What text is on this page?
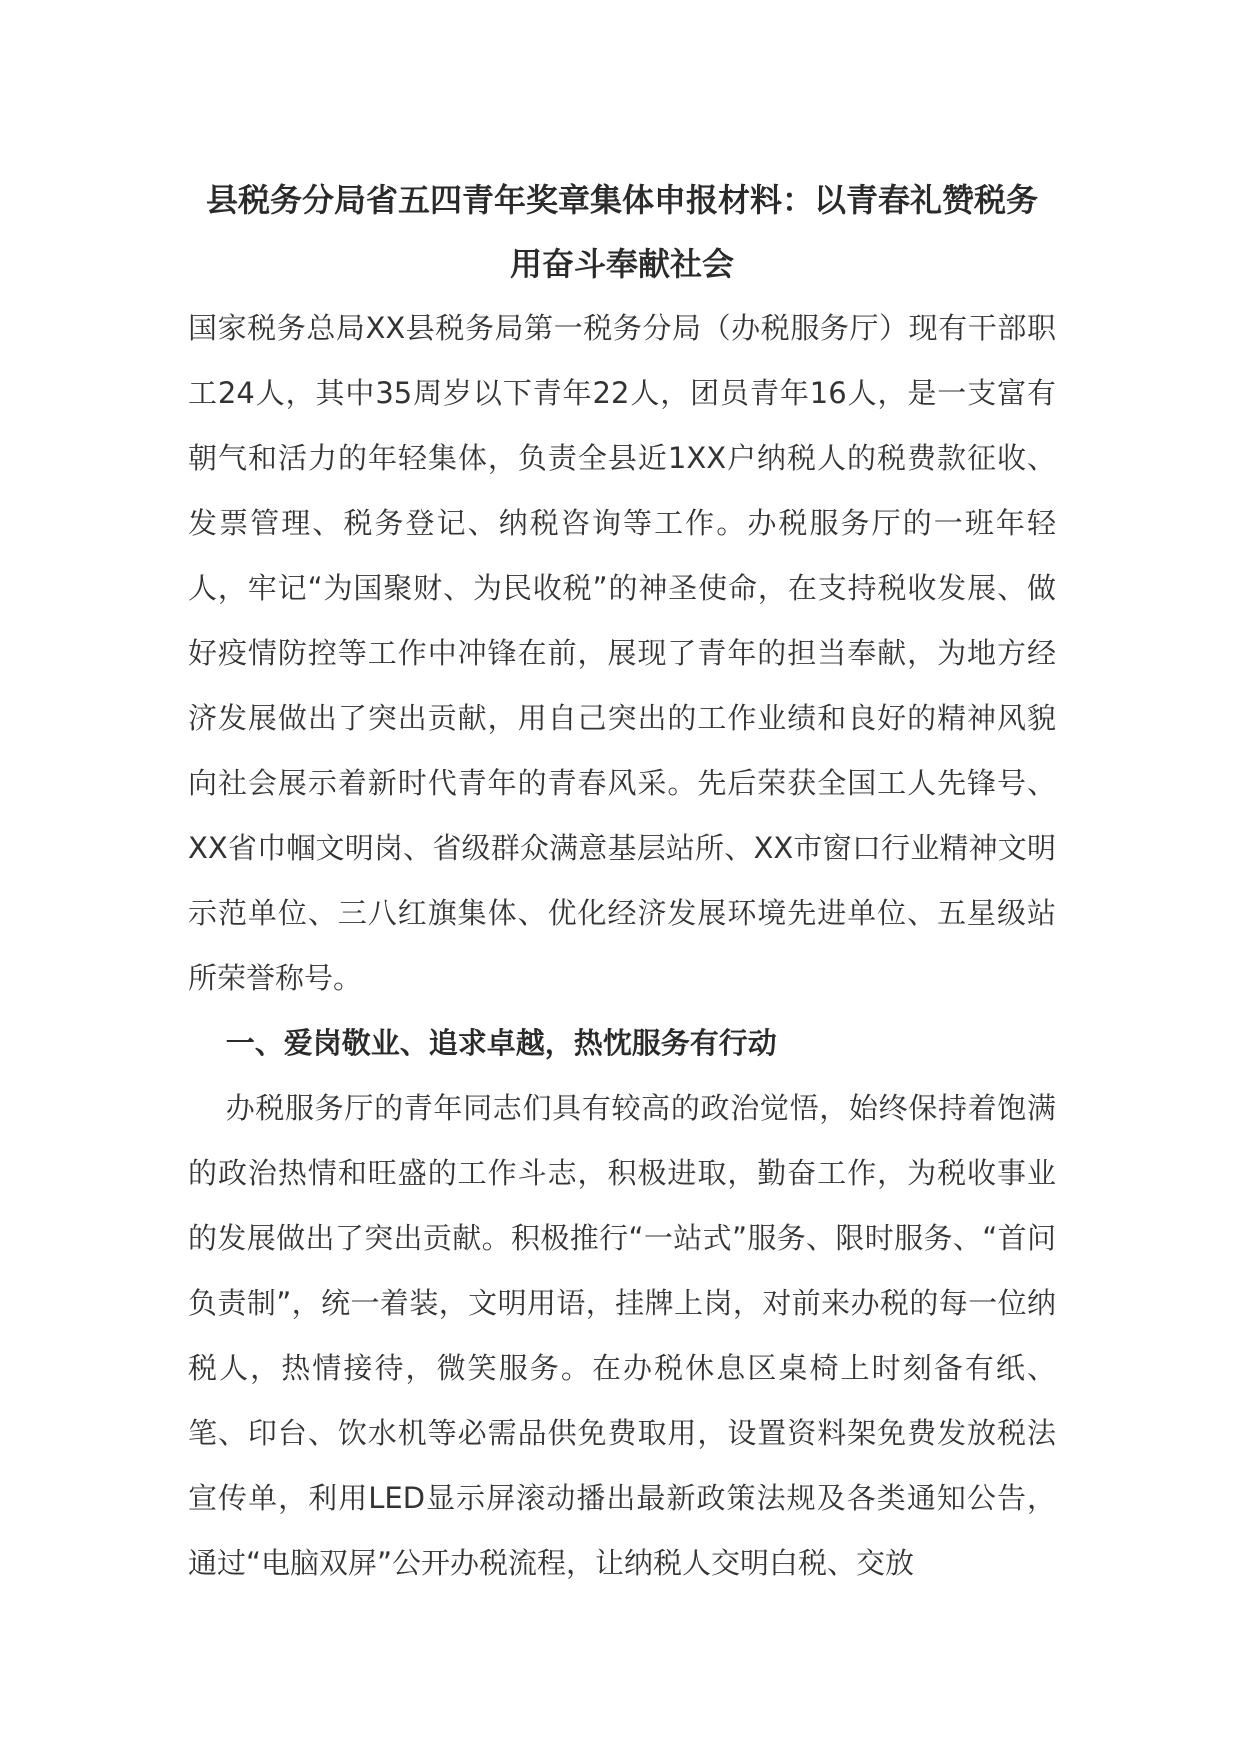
县税务分局省五四青年奖章集体申报材料：以青春礼赞税务 用奋斗奉献社会

国家税务总局XX县税务局第一税务分局（办税服务厅）现有干部职工24人，其中35周岁以下青年22人，团员青年16人，是一支富有朝气和活力的年轻集体，负责全县近1XX户纳税人的税费款征收、发票管理、税务登记、纳税咨询等工作。办税服务厅的一班年轻人，牢记“为国聚财、为民收税”的神圣使命，在支持税收发展、做好疫情防控等工作中冲锋在前，展现了青年的担当奉献，为地方经济发展做出了突出贡献，用自己突出的工作业绩和良好的精神风貌向社会展示着新时代青年的青春风采。先后荣获全国工人先锋号、XX省巾帼文明岗、省级群众满意基层站所、XX市窗口行业精神文明示范单位、三八红旗集体、优化经济发展环境先进单位、五星级站所荣誉称号。

一、爱岗敬业、追求卓越，热忱服务有行动

办税服务厅的青年同志们具有较高的政治觉悟，始终保持着饱满的政治热情和旺盛的工作斗志，积极进取，勤奋工作，为税收事业的发展做出了突出贡献。积极推行“一站式”服务、限时服务、“首问负责制”，统一着装，文明用语，挂牌上岗，对前来办税的每一位纳税人，热情接待，微笑服务。在办税休息区桌椅上时刻备有纸、笔、印台、饮水机等必需品供免费取用，设置资料架免费发放税法宣传单，利用LED显示屏滚动播出最新政策法规及各类通知公告，通过“电脑双屏”公开办税流程，让纳税人交明白税、交放
